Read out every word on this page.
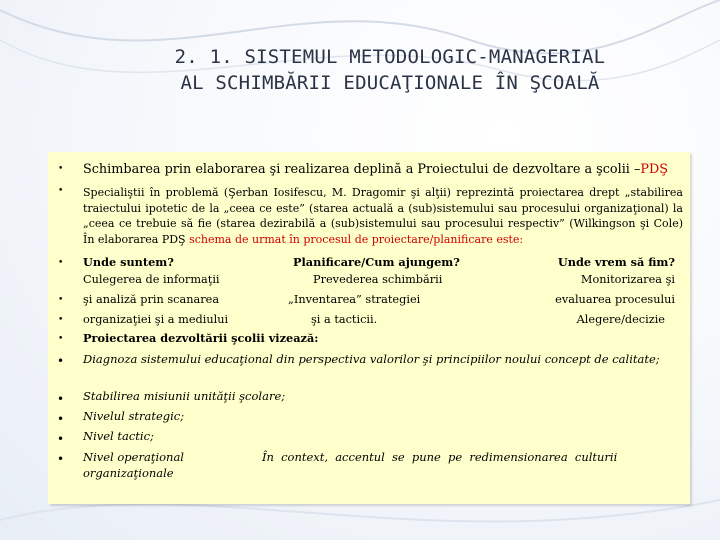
2. 1. SISTEMUL METODOLOGIC-MANAGERIAL
AL SCHIMBĂRII EDUCAŢIONALE ÎN ŞCOALĂ
• Schimbarea prin elaborarea şi realizarea deplină a Proiectului de dezvoltare a şcolii –PDŞ
• Specialiştii în problemă (Şerban Iosifescu, M. Dragomir şi alţii) reprezintă proiectarea drept „stabilirea traiectului ipotetic de la „ceea ce este” (starea actuală a (sub)sistemului sau procesului organizaţional) la „ceea ce trebuie să fie (starea dezirabilă a (sub)sistemului sau procesului respectiv” (Wilkingson şi Cole) În elaborarea PDŞ schema de urmat în procesul de proiectare/planificare este:
• Unde suntem?	Planificare/Cum ajungem?	Unde vrem să fim?
Culegerea de informaţii	Prevederea schimbării	Monitorizarea şi
• şi analiză prin scanarea	„Inventarea” strategiei	evaluarea procesului
• organizaţiei şi a mediului	şi a tacticii.	Alegere/decizie
• Proiectarea dezvoltării şcolii vizează:
• Diagnoza sistemului educaţional din perspectiva valorilor şi principiilor noului concept de calitate;
• Stabilirea misiunii unităţii şcolare;
• Nivelul strategic;
• Nivel tactic;
• Nivel operaţional	În context, accentul se pune pe redimensionarea culturii organizaţionale
